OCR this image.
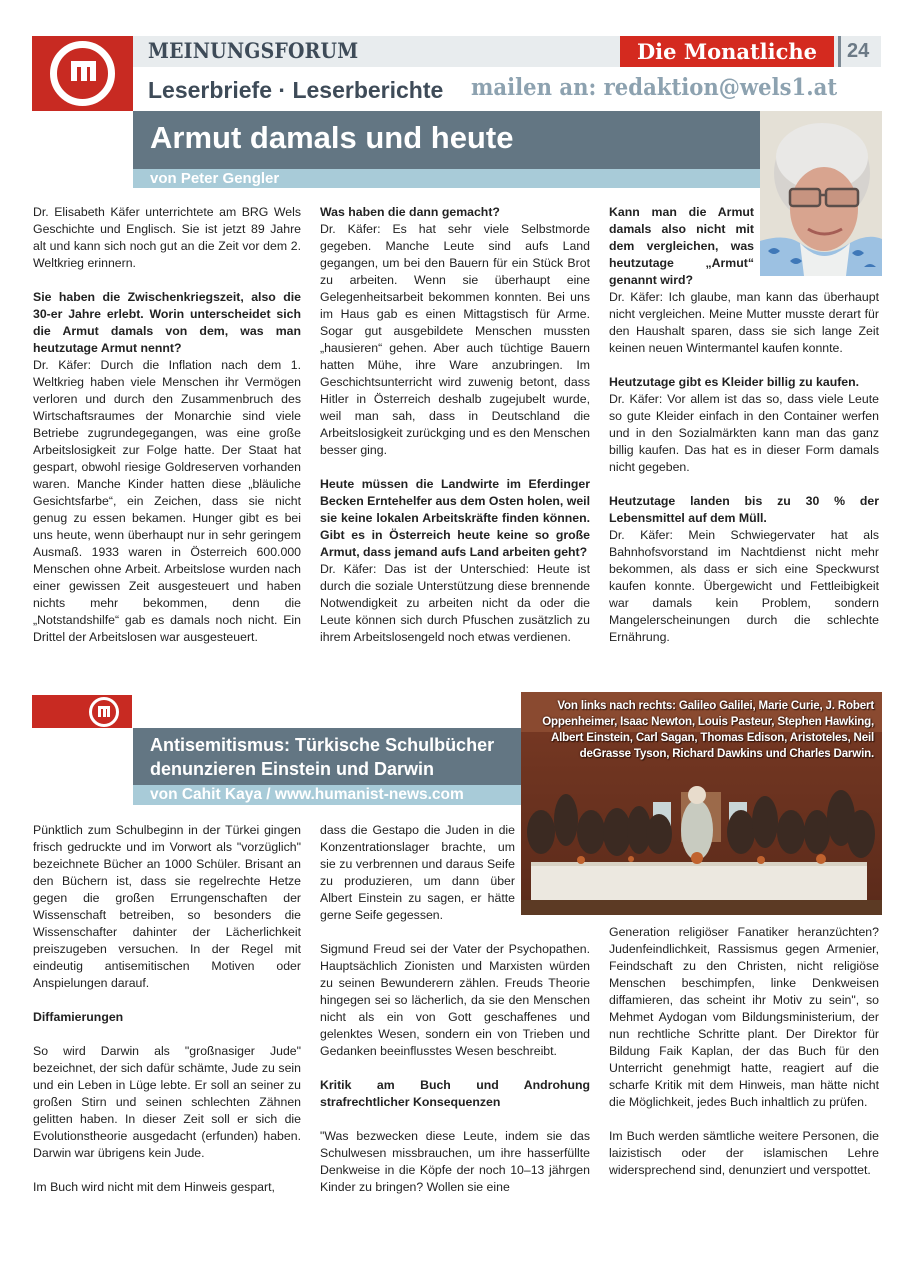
MEINUNGSFORUM	Die Monatliche	24
Leserbriefe · Leserberichte mailen an: redaktion@wels1.at
Armut damals und heute
von Peter Gengler

Dr. Elisabeth Käfer unterrichtete am BRG Wels Geschichte und Englisch. Sie ist jetzt 89 Jahre alt und kann sich noch gut an die Zeit vor dem 2. Weltkrieg erinnern.

Sie haben die Zwischenkriegszeit, also die 30-er Jahre erlebt. Worin unterscheidet sich die Armut damals von dem, was man heutzutage Armut nennt?

Dr. Käfer: Durch die Inflation nach dem 1. Weltkrieg haben viele Menschen ihr Vermögen verloren und durch den Zusammenbruch des Wirtschaftsraumes der Monarchie sind viele Betriebe zugrundegegangen, was eine große Arbeitslosigkeit zur Folge hatte. Der Staat hat gespart, obwohl riesige Goldreserven vorhanden waren. Manche Kinder hatten diese „bläuliche Gesichtsfarbe“, ein Zeichen, dass sie nicht genug zu essen bekamen. Hunger gibt es bei uns heute, wenn überhaupt nur in sehr geringem Ausmaß. 1933 waren in Österreich 600.000 Menschen ohne Arbeit. Arbeitslose wurden nach einer gewissen Zeit ausgesteuert und haben nichts mehr bekommen, denn die „Notstandshilfe“ gab es damals noch nicht. Ein Drittel der Arbeitslosen war ausgesteuert.

Was haben die dann gemacht?

Dr. Käfer: Es hat sehr viele Selbstmorde gegeben. Manche Leute sind aufs Land gegangen, um bei den Bauern für ein Stück Brot zu arbeiten. Wenn sie überhaupt eine Gelegenheitsarbeit bekommen konnten. Bei uns im Haus gab es einen Mittagstisch für Arme. Sogar gut ausgebildete Menschen mussten „hausieren“ gehen. Aber auch tüchtige Bauern hatten Mühe, ihre Ware anzubringen. Im Geschichtsunterricht wird zuwenig betont, dass Hitler in Österreich deshalb zugejubelt wurde, weil man sah, dass in Deutschland die Arbeitslosigkeit zurückging und es den Menschen besser ging.

Heute müssen die Landwirte im Eferdinger Becken Erntehelfer aus dem Osten holen, weil sie keine lokalen Arbeitskräfte finden können. Gibt es in Österreich heute keine so große Armut, dass jemand aufs Land arbeiten geht?

Dr. Käfer: Das ist der Unterschied: Heute ist durch die soziale Unterstützung diese brennende Notwendigkeit zu arbeiten nicht da oder die Leute können sich durch Pfuschen zusätzlich zu ihrem Arbeitslosengeld noch etwas verdienen.

Kann man die Armut damals also nicht mit dem vergleichen, was heutzutage „Armut“ genannt wird?

Dr. Käfer: Ich glaube, man kann das überhaupt nicht vergleichen. Meine Mutter musste derart für den Haushalt sparen, dass sie sich lange Zeit keinen neuen Wintermantel kaufen konnte.

Heutzutage gibt es Kleider billig zu kaufen.

Dr. Käfer: Vor allem ist das so, dass viele Leute so gute Kleider einfach in den Container werfen und in den Sozialmärkten kann man das ganz billig kaufen. Das hat es in dieser Form damals nicht gegeben.

Heutzutage landen bis zu 30 % der Lebensmittel auf dem Müll.

Dr. Käfer: Mein Schwiegervater hat als Bahnhofsvorstand im Nachtdienst nicht mehr bekommen, als dass er sich eine Speckwurst kaufen konnte. Übergewicht und Fettleibigkeit war damals kein Problem, sondern Mangelerscheinungen durch die schlechte Ernährung.

Antisemitismus: Türkische Schulbücher denunzieren Einstein und Darwin
von Cahit Kaya / www.humanist-news.com
Von links nach rechts: Galileo Galilei, Marie Curie, J. Robert Oppenheimer, Isaac Newton, Louis Pasteur, Stephen Hawking, Albert Einstein, Carl Sagan, Thomas Edison, Aristoteles, Neil deGrasse Tyson, Richard Dawkins und Charles Darwin.

Pünktlich zum Schulbeginn in der Türkei gingen frisch gedruckte und im Vorwort als "vorzüglich" bezeichnete Bücher an 1000 Schüler. Brisant an den Büchern ist, dass sie regelrechte Hetze gegen die großen Errungenschaften der Wissenschaft betreiben, so besonders die Wissenschafter dahinter der Lächerlichkeit preiszugeben versuchen. In der Regel mit eindeutig antisemitischen Motiven oder Anspielungen darauf.

Diffamierungen

So wird Darwin als "großnasiger Jude" bezeichnet, der sich dafür schämte, Jude zu sein und ein Leben in Lüge lebte. Er soll an seiner zu großen Stirn und seinen schlechten Zähnen gelitten haben. In dieser Zeit soll er sich die Evolutionstheorie ausgedacht (erfunden) haben. Darwin war übrigens kein Jude.

Im Buch wird nicht mit dem Hinweis gespart,

dass die Gestapo die Juden in die Konzentrationslager brachte, um sie zu verbrennen und daraus Seife zu produzieren, um dann über Albert Einstein zu sagen, er hätte gerne Seife gegessen.

Sigmund Freud sei der Vater der Psychopathen. Hauptsächlich Zionisten und Marxisten würden zu seinen Bewunderern zählen. Freuds Theorie hingegen sei so lächerlich, da sie den Menschen nicht als ein von Gott geschaffenes und gelenktes Wesen, sondern ein von Trieben und Gedanken beeinflusstes Wesen beschreibt.

Kritik am Buch und Androhung strafrechtlicher Konsequenzen

"Was bezwecken diese Leute, indem sie das Schulwesen missbrauchen, um ihre hasserfüllte Denkweise in die Köpfe der noch 10–13 jährgen Kinder zu bringen? Wollen sie eine

Generation religiöser Fanatiker heranzüchten? Judenfeindlichkeit, Rassismus gegen Armenier, Feindschaft zu den Christen, nicht religiöse Menschen beschimpfen, linke Denkweisen diffamieren, das scheint ihr Motiv zu sein", so Mehmet Aydogan vom Bildungsministerium, der nun rechtliche Schritte plant. Der Direktor für Bildung Faik Kaplan, der das Buch für den Unterricht genehmigt hatte, reagiert auf die scharfe Kritik mit dem Hinweis, man hätte nicht die Möglichkeit, jedes Buch inhaltlich zu prüfen.

Im Buch werden sämtliche weitere Personen, die laizistisch oder der islamischen Lehre widersprechend sind, denunziert und verspottet.
